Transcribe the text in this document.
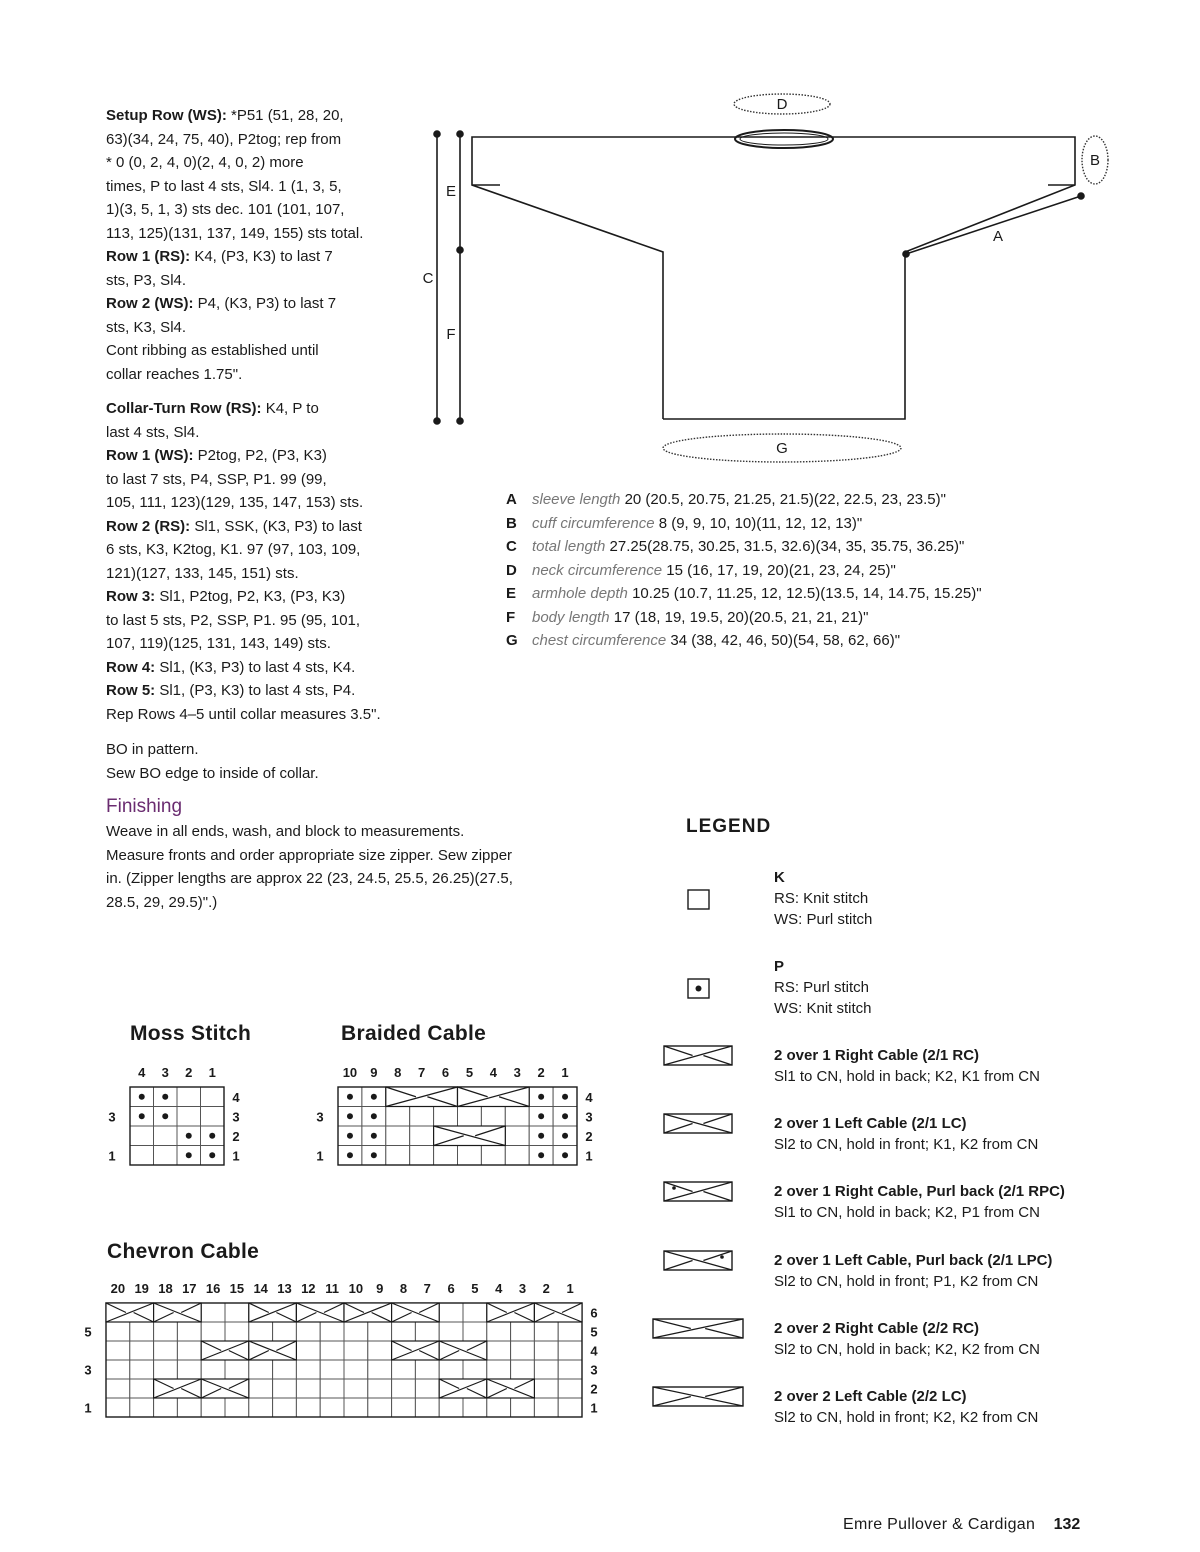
Setup Row (WS): *P51 (51, 28, 20,
63)(34, 24, 75, 40), P2tog; rep from
* 0 (0, 2, 4, 0)(2, 4, 0, 2) more
times, P to last 4 sts, Sl4. 1 (1, 3, 5,
1)(3, 5, 1, 3) sts dec. 101 (101, 107,
113, 125)(131, 137, 149, 155) sts total.
Row 1 (RS): K4, (P3, K3) to last 7
sts, P3, Sl4.
Row 2 (WS): P4, (K3, P3) to last 7
sts, K3, Sl4.
Cont ribbing as established until
collar reaches 1.75".
Collar-Turn Row (RS): K4, P to
last 4 sts, Sl4.
Row 1 (WS): P2tog, P2, (P3, K3)
to last 7 sts, P4, SSP, P1. 99 (99,
105, 111, 123)(129, 135, 147, 153) sts.
Row 2 (RS): Sl1, SSK, (K3, P3) to last
6 sts, K3, K2tog, K1. 97 (97, 103, 109,
121)(127, 133, 145, 151) sts.
Row 3: Sl1, P2tog, P2, K3, (P3, K3)
to last 5 sts, P2, SSP, P1. 95 (95, 101,
107, 119)(125, 131, 143, 149) sts.
Row 4: Sl1, (K3, P3) to last 4 sts, K4.
Row 5: Sl1, (P3, K3) to last 4 sts, P4.
Rep Rows 4–5 until collar measures 3.5".
BO in pattern.
Sew BO edge to inside of collar.
Finishing
Weave in all ends, wash, and block to measurements.
Measure fronts and order appropriate size zipper. Sew zipper
in. (Zipper lengths are approx 22 (23, 24.5, 25.5, 26.25)(27.5,
28.5, 29, 29.5)".)
D
B
A
E
C
F
G
A sleeve length 20 (20.5, 20.75, 21.25, 21.5)(22, 22.5, 23, 23.5)"
B cuff circumference 8 (9, 9, 10, 10)(11, 12, 12, 13)"
C total length 27.25(28.75, 30.25, 31.5, 32.6)(34, 35, 35.75, 36.25)"
D neck circumference 15 (16, 17, 19, 20)(21, 23, 24, 25)"
E armhole depth 10.25 (10.7, 11.25, 12, 12.5)(13.5, 14, 14.75, 15.25)"
F body length 17 (18, 19, 19.5, 20)(20.5, 21, 21, 21)"
G chest circumference 34 (38, 42, 46, 50)(54, 58, 62, 66)"
LEGEND
K
RS: Knit stitch
WS: Purl stitch
P
RS: Purl stitch
WS: Knit stitch
2 over 1 Right Cable (2/1 RC)
Sl1 to CN, hold in back; K2, K1 from CN
2 over 1 Left Cable (2/1 LC)
Sl2 to CN, hold in front; K1, K2 from CN
2 over 1 Right Cable, Purl back (2/1 RPC)
Sl1 to CN, hold in back; K2, P1 from CN
2 over 1 Left Cable, Purl back (2/1 LPC)
Sl2 to CN, hold in front; P1, K2 from CN
2 over 2 Right Cable (2/2 RC)
Sl2 to CN, hold in back; K2, K2 from CN
2 over 2 Left Cable (2/2 LC)
Sl2 to CN, hold in front; K2, K2 from CN
Moss Stitch	Braided Cable
Chevron Cable
4 3 2 1
4
3
2
1
3
1
10 9 8 7 6 5 4 3 2 1
4
3
2
1
3
1
20 19 18 17 16 15 14 13 12 11 10 9 8 7 6 5 4 3 2 1
6
5
4
3
2
1
5
3
1
Emre Pullover & Cardigan 132
